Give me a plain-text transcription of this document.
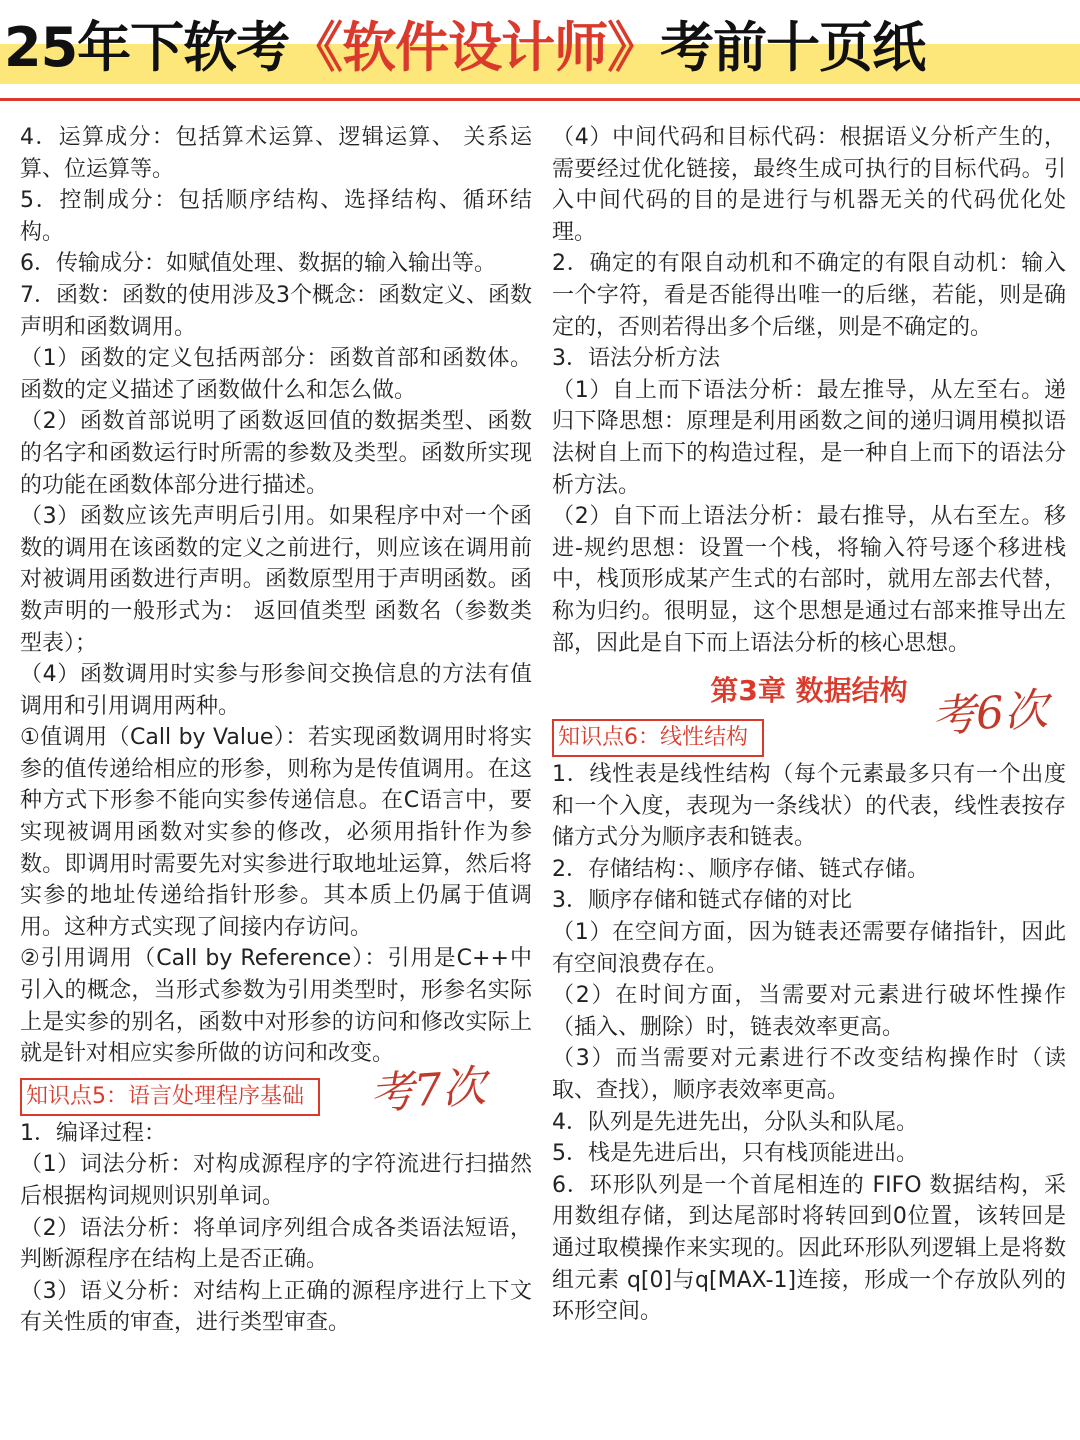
25年下软考《软件设计师》考前十页纸

4．运算成分：包括算术运算、逻辑运算、 关系运算、位运算等。

5．控制成分：包括顺序结构、选择结构、循环结构。

6．传输成分：如赋值处理、数据的输入输出等。

7．函数：函数的使用涉及3个概念：函数定义、函数声明和函数调用。

（1）函数的定义包括两部分：函数首部和函数体。函数的定义描述了函数做什么和怎么做。

（2）函数首部说明了函数返回值的数据类型、函数的名字和函数运行时所需的参数及类型。函数所实现的功能在函数体部分进行描述。

（3）函数应该先声明后引用。如果程序中对一个函数的调用在该函数的定义之前进行，则应该在调用前对被调用函数进行声明。函数原型用于声明函数。函数声明的一般形式为： 返回值类型 函数名（参数类型表）；

（4）函数调用时实参与形参间交换信息的方法有值调用和引用调用两种。

①值调用（Call by Value）：若实现函数调用时将实参的值传递给相应的形参，则称为是传值调用。在这种方式下形参不能向实参传递信息。在C语言中，要实现被调用函数对实参的修改，必须用指针作为参数。即调用时需要先对实参进行取地址运算，然后将实参的地址传递给指针形参。其本质上仍属于值调用。这种方式实现了间接内存访问。

②引用调用（Call by Reference）：引用是C++中引入的概念，当形式参数为引用类型时，形参名实际上是实参的别名，函数中对形参的访问和修改实际上就是针对相应实参所做的访问和改变。

知识点5：语言处理程序基础	考7次

1．编译过程：

（1）词法分析：对构成源程序的字符流进行扫描然后根据构词规则识别单词。

（2）语法分析：将单词序列组合成各类语法短语，判断源程序在结构上是否正确。

（3）语义分析：对结构上正确的源程序进行上下文有关性质的审查，进行类型审查。

（4）中间代码和目标代码：根据语义分析产生的，需要经过优化链接，最终生成可执行的目标代码。引入中间代码的目的是进行与机器无关的代码优化处理。

2．确定的有限自动机和不确定的有限自动机：输入一个字符，看是否能得出唯一的后继，若能，则是确定的，否则若得出多个后继，则是不确定的。

3．语法分析方法

（1）自上而下语法分析：最左推导，从左至右。递归下降思想：原理是利用函数之间的递归调用模拟语法树自上而下的构造过程，是一种自上而下的语法分析方法。

（2）自下而上语法分析：最右推导，从右至左。移进-规约思想：设置一个栈，将输入符号逐个移进栈中，栈顶形成某产生式的右部时，就用左部去代替，称为归约。很明显，这个思想是通过右部来推导出左部，因此是自下而上语法分析的核心思想。

第3章 数据结构
知识点6：线性结构	考6次

1．线性表是线性结构（每个元素最多只有一个出度和一个入度，表现为一条线状）的代表，线性表按存储方式分为顺序表和链表。

2．存储结构：、顺序存储、链式存储。

3．顺序存储和链式存储的对比

（1）在空间方面，因为链表还需要存储指针，因此有空间浪费存在。

（2）在时间方面，当需要对元素进行破坏性操作（插入、删除）时，链表效率更高。

（3）而当需要对元素进行不改变结构操作时（读取、查找），顺序表效率更高。

4．队列是先进先出，分队头和队尾。

5．栈是先进后出，只有栈顶能进出。

6．环形队列是一个首尾相连的 FIFO 数据结构，采用数组存储，到达尾部时将转回到0位置，该转回是通过取模操作来实现的。因此环形队列逻辑上是将数组元素 q[0]与q[MAX-1]连接，形成一个存放队列的环形空间。
